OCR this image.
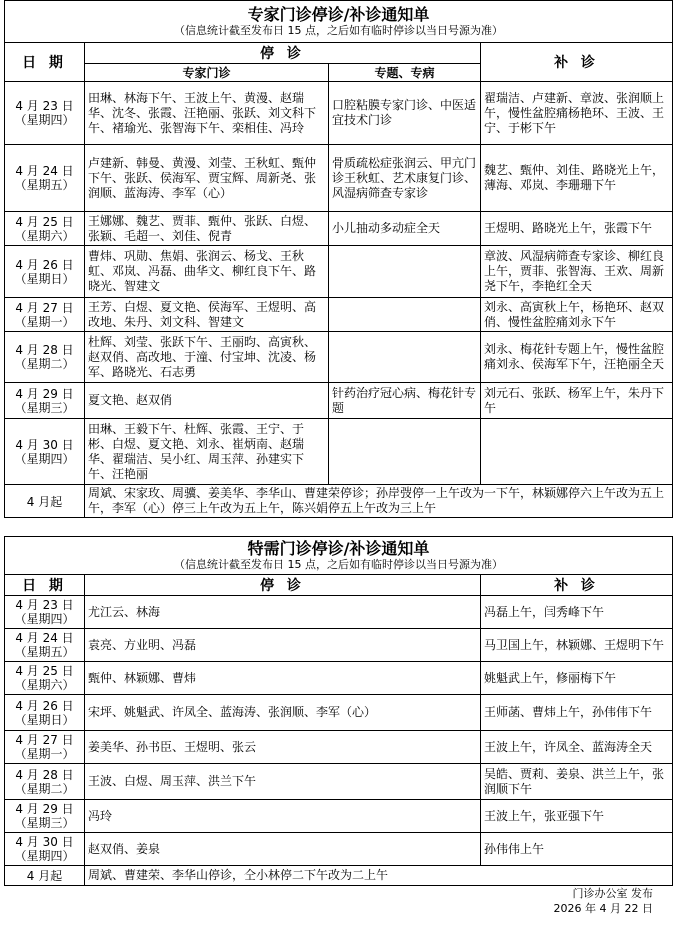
专家门诊停诊/补诊通知单
（信息统计截至发布日 15 点，之后如有临时停诊以当日号源为准）			

日 期	停 诊		补 诊
	专家门诊	专题、专病	

4 月 23 日
（星期四）	田琳、林海下午、王波上午、黄漫、赵瑞华、沈冬、张霞、汪艳丽、张跃、刘文科下午、褚瑜光、张智海下午、栾相佳、冯玲	口腔粘膜专家门诊、中医适宜技术门诊	翟瑞洁、卢建新、章波、张润顺上午，慢性盆腔痛杨艳环、王波、王宁、于彬下午

4 月 24 日
（星期五）	卢建新、韩曼、黄漫、刘莹、王秋虹、甄仲下午、张跃、侯海军、贾宝辉、周新尧、张润顺、蓝海涛、李军（心）	骨质疏松症张润云、甲亢门诊王秋虹、艺术康复门诊、风湿病筛查专家诊	魏艺、甄仲、刘佳、路晓光上午，薄海、邓岚、李珊珊下午

4 月 25 日
（星期六）	王娜娜、魏艺、贾菲、甄仲、张跃、白煜、张颖、毛超一、刘佳、倪青	小儿抽动多动症全天	王煜明、路晓光上午，张霞下午

4 月 26 日
（星期日）	曹炜、巩勋、焦娟、张润云、杨戈、王秋虹、邓岚、冯磊、曲华文、柳红良下午、路晓光、智建文		章波、风湿病筛查专家诊、柳红良上午，贾菲、张智海、王欢、周新尧下午，李艳红全天

4 月 27 日
（星期一）	王芳、白煜、夏文艳、侯海军、王煜明、高改地、朱丹、刘文科、智建文		刘永、高寅秋上午，杨艳环、赵双俏、慢性盆腔痛刘永下午

4 月 28 日
（星期二）	杜辉、刘莹、张跃下午、王丽昀、高寅秋、赵双俏、高改地、于潼、付宝坤、沈凌、杨军、路晓光、石志勇		刘永、梅花针专题上午，慢性盆腔痛刘永、侯海军下午，汪艳丽全天

4 月 29 日
（星期三）	夏文艳、赵双俏	针药治疗冠心病、梅花针专题	刘元石、张跃、杨军上午，朱丹下午

4 月 30 日
（星期四）	田琳、王毅下午、杜辉、张霞、王宁、于彬、白煜、夏文艳、刘永、崔炳南、赵瑞华、翟瑞洁、吴小红、周玉萍、孙建实下午、汪艳丽		
4 月起	周斌、宋家玫、周骥、姜美华、李华山、曹建荣停诊；孙岸弢停一上午改为一下午，林颖娜停六上午改为五上午，李军（心）停三上午改为五上午，陈兴娟停五上午改为三上午		
特需门诊停诊/补诊通知单
（信息统计截至发布日 15 点，之后如有临时停诊以当日号源为准）		

日 期	停 诊	补 诊

4 月 23 日
（星期四）	尤江云、林海	冯磊上午，闫秀峰下午

4 月 24 日
（星期五）	袁亮、方业明、冯磊	马卫国上午，林颖娜、王煜明下午

4 月 25 日
（星期六）	甄仲、林颖娜、曹炜	姚魁武上午，修丽梅下午

4 月 26 日
（星期日）	宋坪、姚魁武、许凤全、蓝海涛、张润顺、李军（心）	王师菡、曹炜上午，孙伟伟下午

4 月 27 日
（星期一）	姜美华、孙书臣、王煜明、张云	王波上午，许凤全、蓝海涛全天

4 月 28 日
（星期二）	王波、白煜、周玉萍、洪兰下午	吴皓、贾莉、姜泉、洪兰上午，张润顺下午

4 月 29 日
（星期三）	冯玲	王波上午，张亚强下午

4 月 30 日
（星期四）	赵双俏、姜泉	孙伟伟上午
4 月起	周斌、曹建荣、李华山停诊，仝小林停二下午改为二上午	
门诊办公室 发布
2026 年 4 月 22 日
